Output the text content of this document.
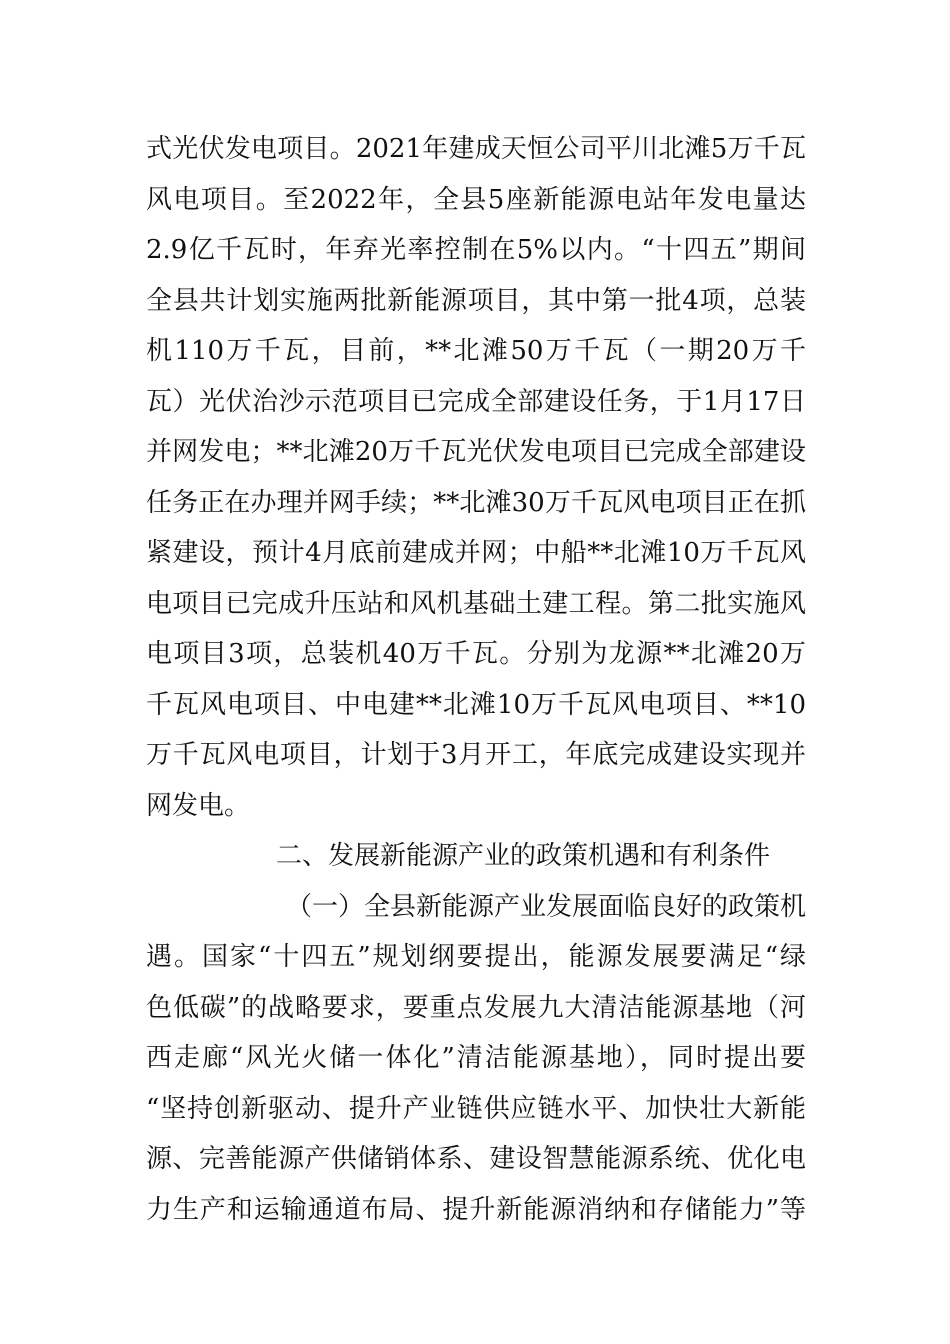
式光伏发电项目。2021年建成天恒公司平川北滩5万千瓦
风电项目。至2022年，全县5座新能源电站年发电量达
2.9亿千瓦时，年弃光率控制在5%以内。“十四五”期间
全县共计划实施两批新能源项目，其中第一批4项，总装
机110万千瓦，目前，**北滩50万千瓦（一期20万千
瓦）光伏治沙示范项目已完成全部建设任务，于1月17日
并网发电；**北滩20万千瓦光伏发电项目已完成全部建设
任务正在办理并网手续；**北滩30万千瓦风电项目正在抓
紧建设，预计4月底前建成并网；中船**北滩10万千瓦风
电项目已完成升压站和风机基础土建工程。第二批实施风
电项目3项，总装机40万千瓦。分别为龙源**北滩20万
千瓦风电项目、中电建**北滩10万千瓦风电项目、**10
万千瓦风电项目，计划于3月开工，年底完成建设实现并
网发电。
二、发展新能源产业的政策机遇和有利条件
（一）全县新能源产业发展面临良好的政策机
遇。国家“十四五”规划纲要提出，能源发展要满足“绿
色低碳”的战略要求，要重点发展九大清洁能源基地（河
西走廊“风光火储一体化”清洁能源基地），同时提出要
“坚持创新驱动、提升产业链供应链水平、加快壮大新能
源、完善能源产供储销体系、建设智慧能源系统、优化电
力生产和运输通道布局、提升新能源消纳和存储能力”等
